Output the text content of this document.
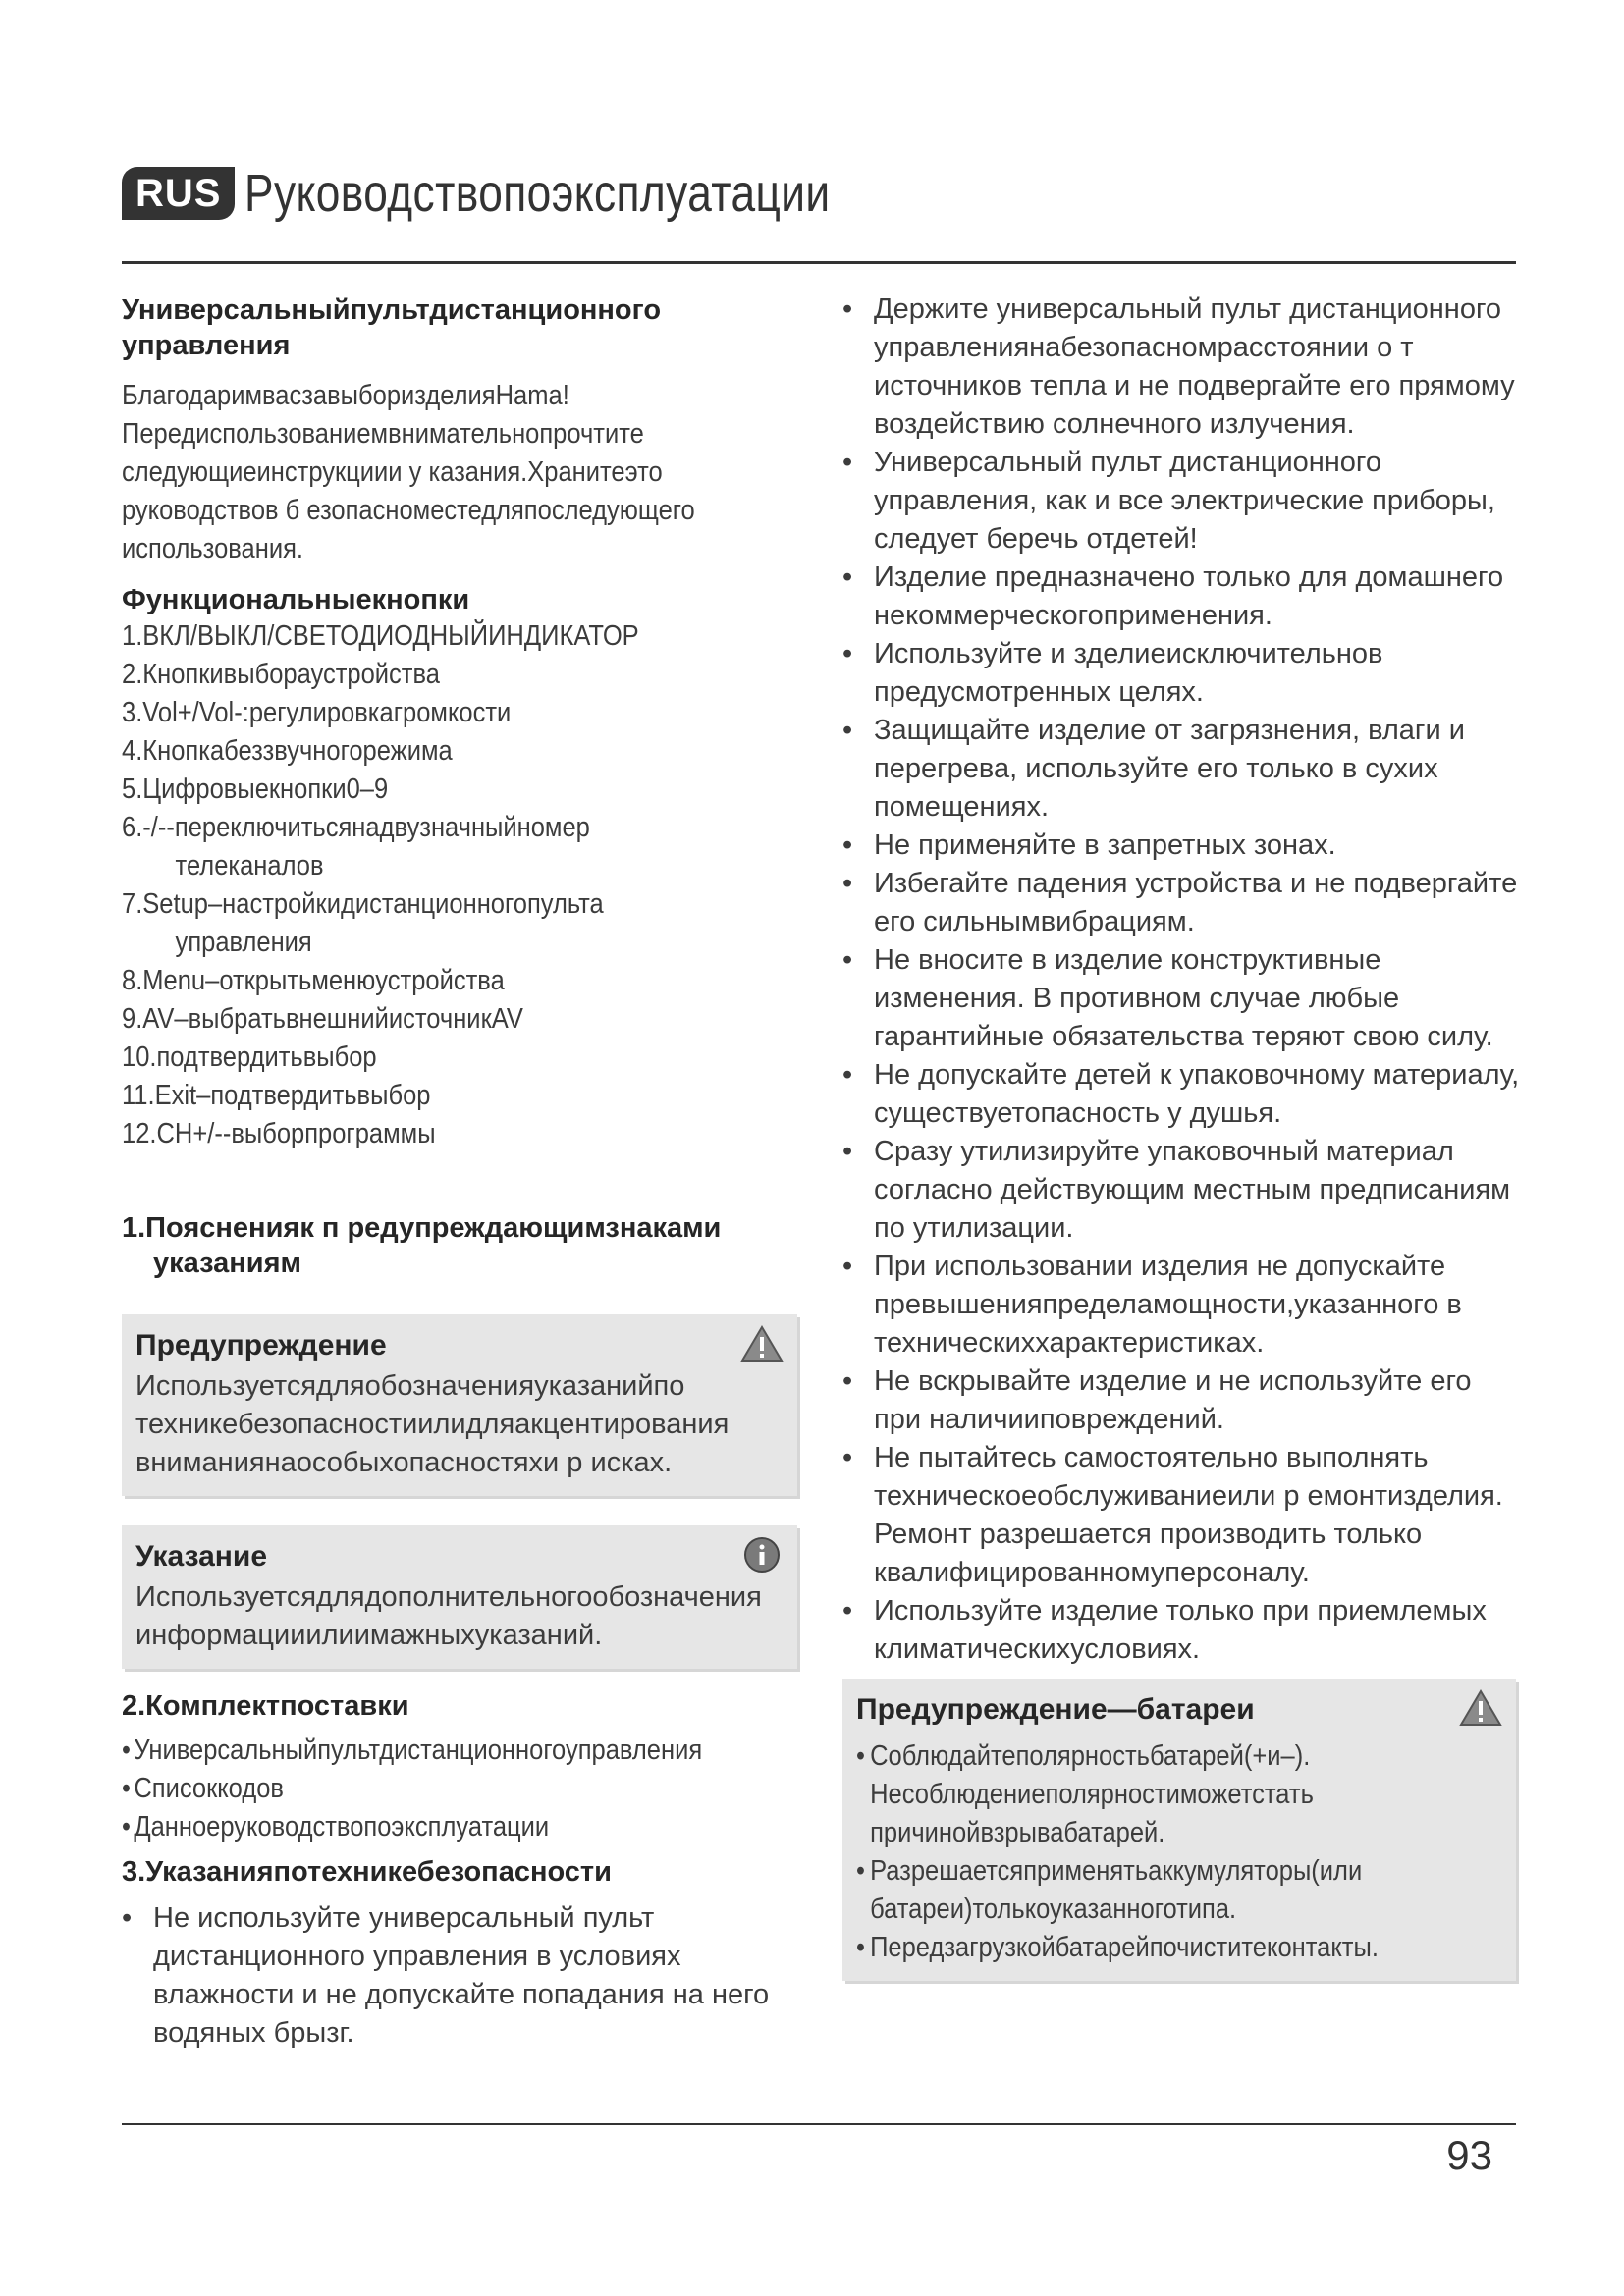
RUS Руководствопоэксплуатации
Универсальныйпультдистанционного управления
БлагодаримвасзавыборизделияHama!
Передиспользованиемвнимательнопрочтите
следующиеинструкциии у казания.Хранитеэто
руководствов б езопасноместедляпоследующего
использования.
Функциональныекнопки
1.ВКЛ/ВЫКЛ/СВЕТОДИОДНЫЙИНДИКАТОР
2.Кнопкивыбораустройства
3.Vol+/Vol-:регулировкагромкости
4.Кнопкабеззвучногорежима
5.Цифровыекнопки0–9
6.-/--переключитьсянадвузначныйномер
телеканалов
7.Setup–настройкидистанционногопульта
управления
8.Menu–открытьменюустройства
9.AV–выбратьвнешнийисточникAV
10.подтвердитьвыбор
11.Exit–подтвердитьвыбор
12.CH+/--выборпрограммы
1.Поясненияк п редупреждающимзнаками указаниям
Предупреждение
Используетсядляобозначенияуказанийпо техникебезопасностиилидляакцентирования вниманиянаособыхопасностяхи р исках.
Указание
Используетсядлядополнительногообозначения информацииилиимажныхуказаний.
2.Комплектпоставки
• Универсальныйпультдистанционногоуправления
• Списоккодов
• Данноеруководствопоэксплуатации
3.Указанияпотехникебезопасности
• Не используйте универсальный пульт дистанционного управления в условиях влажности и не допускайте попадания на него водяных брызг.
• Держите универсальный пульт дистанционного управлениянабезопасномрасстоянии о т источников тепла и не подвергайте его прямому воздействию солнечного излучения.
• Универсальный пульт дистанционного управления, как и все электрические приборы, следует беречь отдетей!
• Изделие предназначено только для домашнего некоммерческогоприменения.
• Используйте и зделиеисключительнов предусмотренных целях.
• Защищайте изделие от загрязнения, влаги и перегрева, используйте его только в сухих помещениях.
• Не применяйте в запретных зонах.
• Избегайте падения устройства и не подвергайте его сильнымвибрациям.
• Не вносите в изделие конструктивные изменения. В противном случае любые гарантийные обязательства теряют свою силу.
• Не допускайте детей к упаковочному материалу, существуетопасность у душья.
• Сразу утилизируйте упаковочный материал согласно действующим местным предписаниям по утилизации.
• При использовании изделия не допускайте превышенияпределамощности,указанного в техническиххарактеристиках.
• Не вскрывайте изделие и не используйте его при наличииповреждений.
• Не пытайтесь самостоятельно выполнять техническоеобслуживаниеили р емонтизделия. Ремонт разрешается производить только квалифицированномуперсоналу.
• Используйте изделие только при приемлемых климатическихусловиях.
Предупреждение—батареи
• Соблюдайтеполярностьбатарей(+и–). Несоблюдениеполярностиможетстать причинойвзрывабатарей.
• Разрешаетсяприменятьаккумуляторы(или батареи)толькоуказанноготипа.
• Передзагрузкойбатарейпочиститеконтакты.
93
